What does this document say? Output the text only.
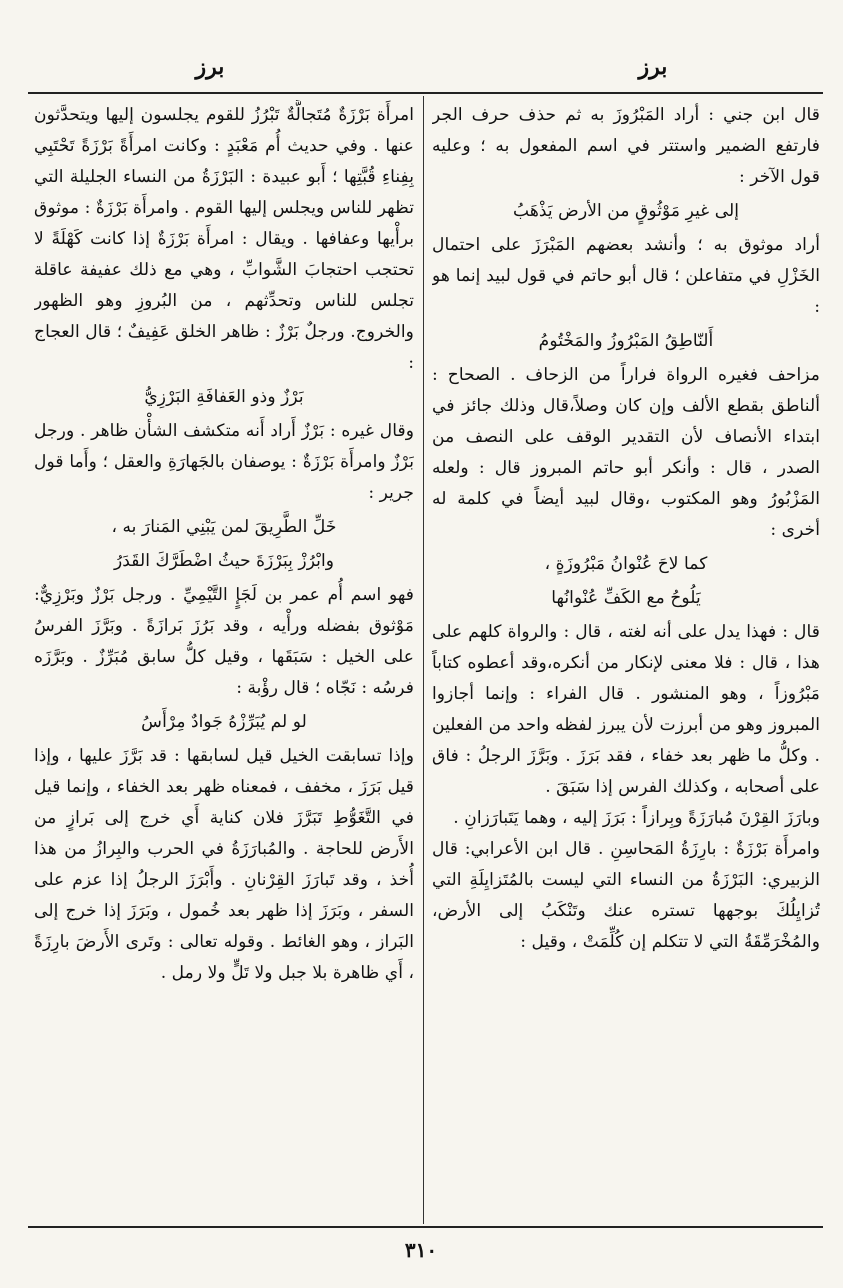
برز
برز

قال ابن جني : أراد المَبْرُوزَ به ثم حذف حرف الجر فارتفع الضمير واستتر في اسم المفعول به ؛ وعليه قول الآخر :

إلى غيرِ مَوْثُوقٍ من الأرض يَذْهَبُ

أراد موثوق به ؛ وأنشد بعضهم المَبْرَزَ على احتمال الخَزْلِ في متفاعلن ؛ قال أبو حاتم في قول لبيد إنما هو :

أَلنّاطِقُ المَبْرُوزُ والمَخْتُومُ

مزاحف فغيره الرواة فراراً من الزحاف . الصحاح : ألناطق بقطع الألف وإن كان وصلاً،قال وذلك جائز في ابتداء الأنصاف لأن التقدير الوقف على النصف من الصدر ، قال : وأنكر أبو حاتم المبروز قال : ولعله المَزْبُورُ وهو المكتوب ،وقال لبيد أيضاً في كلمة له أخرى :

كما لاحَ عُنْوانُ مَبْرُوزَةٍ ،

يَلُوحُ مع الكَفِّ عُنْوانُها

قال : فهذا يدل على أنه لغته ، قال : والرواة كلهم على هذا ، قال : فلا معنى لإنكار من أنكره،وقد أعطوه كتاباً مَبْرُوزاً ، وهو المنشور . قال الفراء : وإنما أجازوا المبروز وهو من أبرزت لأن يبرز لفظه واحد من الفعلين . وكلُّ ما ظهر بعد خفاء ، فقد بَرَزَ . وبَرَّزَ الرجلُ : فاق على أصحابه ، وكذلك الفرس إذا سَبَقَ .

وبارَزَ القِرْنَ مُبارَزَةً وبِرازاً : بَرَزَ إليه ، وهما يَتَبارَزانِ .

وامرأَة بَرْزَةٌ : بارِزَةُ المَحاسِنِ . قال ابن الأعرابي: قال الزبيري: البَرْزَةُ من النساء التي ليست بالمُتَزايِلَةِ التي تُزايِلُكَ بوجهها تستره عنك وتَنْكَبُ إلى الأرض، والمُخْرَمِّقَةُ التي لا تتكلم إن كُلِّمَتْ ، وقيل :

امرأَة بَرْزَةٌ مُتَجالَّةٌ تَبْرُزُ للقوم يجلسون إليها ويتحدَّثون عنها . وفي حديث أُم مَعْبَدٍ : وكانت امرأَةً بَرْزَةً تَحْتَبِي بِفِناءِ قُبَّتِها ؛ أَبو عبيدة : البَرْزَةُ من النساء الجليلة التي تظهر للناس ويجلس إليها القوم . وامرأَة بَرْزَةٌ : موثوق برأْيها وعفافها . ويقال : امرأَة بَرْزَةٌ إذا كانت كَهْلَةً لا تحتجب احتجابَ الشَّوابِّ ، وهي مع ذلك عفيفة عاقلة تجلس للناس وتحدِّثهم ، من البُروزِ وهو الظهور والخروج. ورجلٌ بَرْزٌ : ظاهر الخلق عَفِيفٌ ؛ قال العجاج :

بَرْزٌ وذو العَفافَةِ البَرْزِيُّ

وقال غيره : بَرْزٌ أَراد أَنه متكشف الشأْن ظاهر . ورجل بَرْزٌ وامرأَة بَرْزَةٌ : يوصفان بالجَهارَةِ والعقل ؛ وأَما قول جرير :

خَلِّ الطَّرِيقَ لمن يَبْنِي المَنارَ به ،

وابْرُزْ بِبَرْزَةَ حيثُ اضْطَرَّكَ القَدَرُ

فهو اسم أُم عمر بن لَجَإٍ التَّيْمِيِّ . ورجل بَرْزٌ وبَرْزِيٌّ: مَوْثوق بفضله ورأْيه ، وقد بَرُزَ بَرازَةً . وبَرَّزَ الفرسُ على الخيل : سَبَقَها ، وقيل كلُّ سابق مُبَرِّزٌ . وبَرَّزَه فرسُه : نَجّاه ؛ قال رؤْبة :

لو لم يُبَرِّزْهُ جَوادٌ مِرْأَسُ

وإذا تسابقت الخيل قيل لسابقها : قد بَرَّزَ عليها ، وإذا قيل بَرَزَ ، مخفف ، فمعناه ظهر بعد الخفاء ، وإنما قيل في التَّغَوُّطِ تَبَرَّزَ فلان كناية أَي خرج إلى بَرازٍ من الأَرض للحاجة . والمُبارَزَةُ في الحرب والبِرازُ من هذا أُخذ ، وقد تَبارَزَ القِرْنانِ . وأَبْرَزَ الرجلُ إذا عزم على السفر ، وبَرَزَ إذا ظهر بعد خُمول ، وبَرَزَ إذا خرج إلى البَراز ، وهو الغائط . وقوله تعالى : وتَرى الأَرضَ بارِزَةً ، أَي ظاهرة بلا جبل ولا تَلٍّ ولا رمل .

٣١٠
